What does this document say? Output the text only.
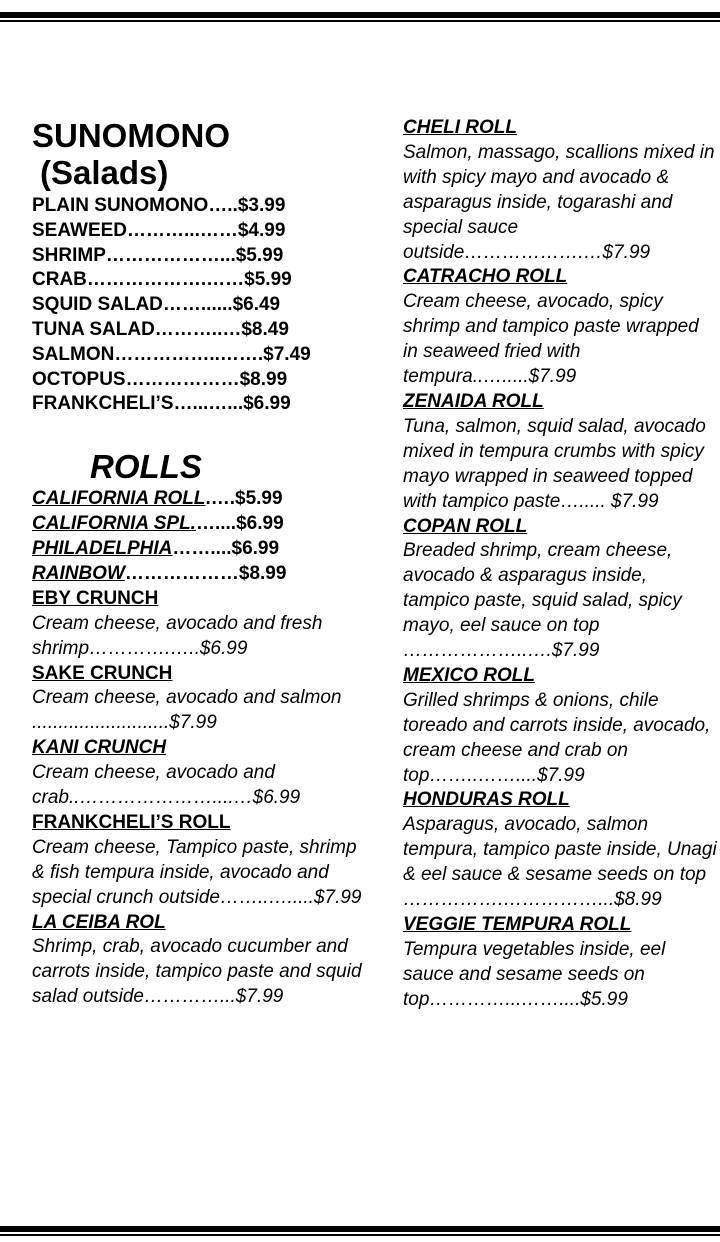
SUNOMONO
(Salads)
PLAIN SUNOMONO…..$3.99
SEAWEED………...……$4.99
SHRIMP………………...$5.99
CRAB……………….……$5.99
SQUID SALAD……......$6.49
TUNA SALAD………..…$8.49
SALMON……………..…….$7.49
OCTOPUS………………$8.99
FRANKCHELI’S…...…...$6.99
ROLLS
CALIFORNIA ROLL.….$5.99
CALIFORNIA SPL.…....$6.99
PHILADELPHIA……....$6.99
RAINBOW………………$8.99
EBY CRUNCH
Cream cheese, avocado and fresh shrimp………….…..$6.99
SAKE CRUNCH
Cream cheese, avocado and salmon ..........................$7.99
KANI CRUNCH
Cream cheese, avocado and crab..…………………....…$6.99
FRANKCHELI’S ROLL
Cream cheese, Tampico paste, shrimp & fish tempura inside, avocado and special crunch outside……..….....$7.99
LA CEIBA ROL
Shrimp, crab, avocado cucumber and carrots inside, tampico paste and squid salad outside…………...$7.99
CHELI ROLL
Salmon, massago, scallions mixed in with spicy mayo and avocado & asparagus inside, togarashi and special sauce outside……………….…$7.99
CATRACHO ROLL
Cream cheese, avocado, spicy shrimp and tampico paste wrapped in seaweed fried with tempura..….....$7.99
ZENAIDA ROLL
Tuna, salmon, squid salad, avocado mixed in tempura crumbs with spicy mayo wrapped in seaweed topped with tampico paste…..... $7.99
COPAN ROLL
Breaded shrimp, cream cheese, avocado & asparagus inside, tampico paste, squid salad, spicy mayo, eel sauce on top ………………..….$7.99
MEXICO ROLL
Grilled shrimps & onions, chile toreado and carrots inside, avocado, cream cheese and crab on top……..……....$7.99
HONDURAS ROLL
Asparagus, avocado, salmon tempura, tampico paste inside, Unagi & eel sauce & sesame seeds on top …………….……………...$8.99
VEGGIE TEMPURA ROLL
Tempura vegetables inside, eel sauce and sesame seeds on top…………...……....$5.99
